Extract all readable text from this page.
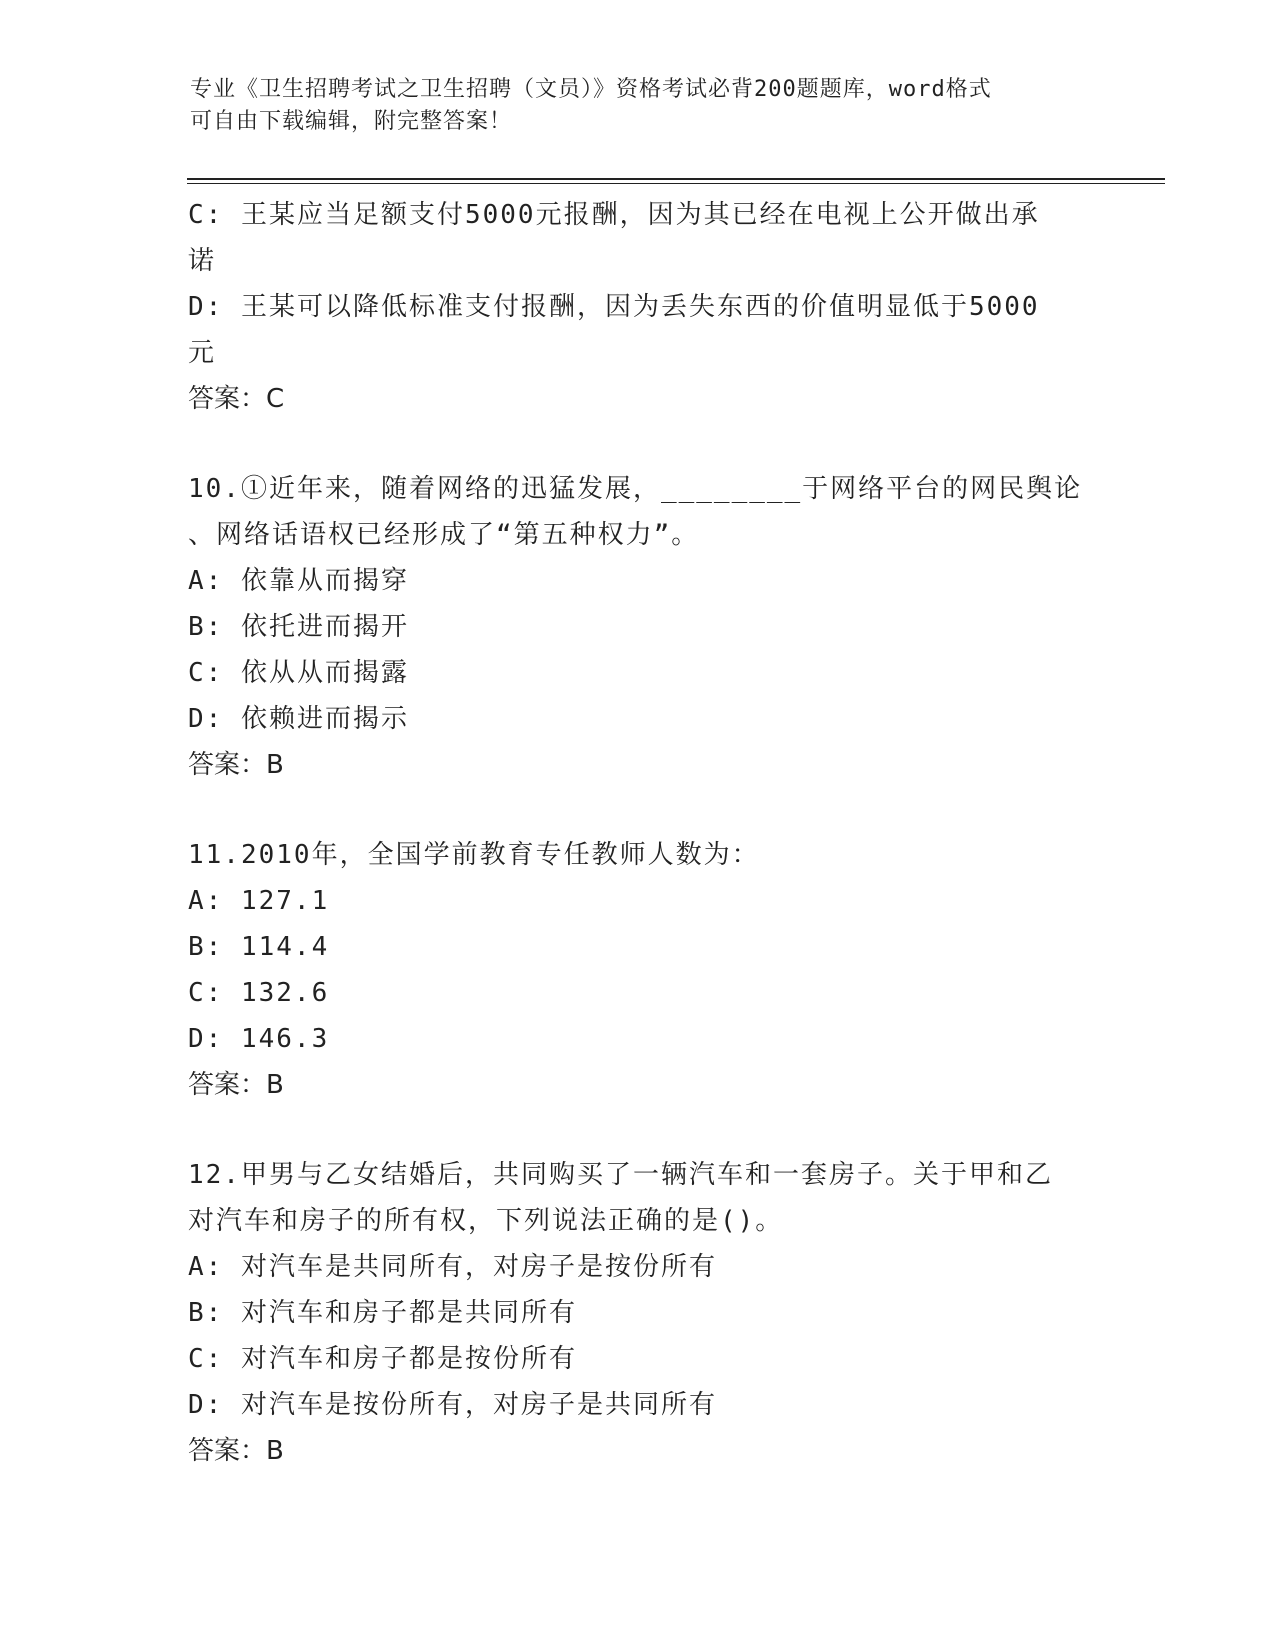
专业《卫生招聘考试之卫生招聘（文员）》资格考试必背200题题库，word格式
可自由下载编辑，附完整答案！
C: 王某应当足额支付5000元报酬，因为其已经在电视上公开做出承
诺
D: 王某可以降低标准支付报酬，因为丢失东西的价值明显低于5000
元
答案：C
10.①近年来，随着网络的迅猛发展，________于网络平台的网民舆论
、网络话语权已经形成了“第五种权力”。
A: 依靠从而揭穿
B: 依托进而揭开
C: 依从从而揭露
D: 依赖进而揭示
答案：B
11.2010年，全国学前教育专任教师人数为：
A: 127.1
B: 114.4
C: 132.6
D: 146.3
答案：B
12.甲男与乙女结婚后，共同购买了一辆汽车和一套房子。关于甲和乙
对汽车和房子的所有权，下列说法正确的是()。
A: 对汽车是共同所有，对房子是按份所有
B: 对汽车和房子都是共同所有
C: 对汽车和房子都是按份所有
D: 对汽车是按份所有，对房子是共同所有
答案：B
